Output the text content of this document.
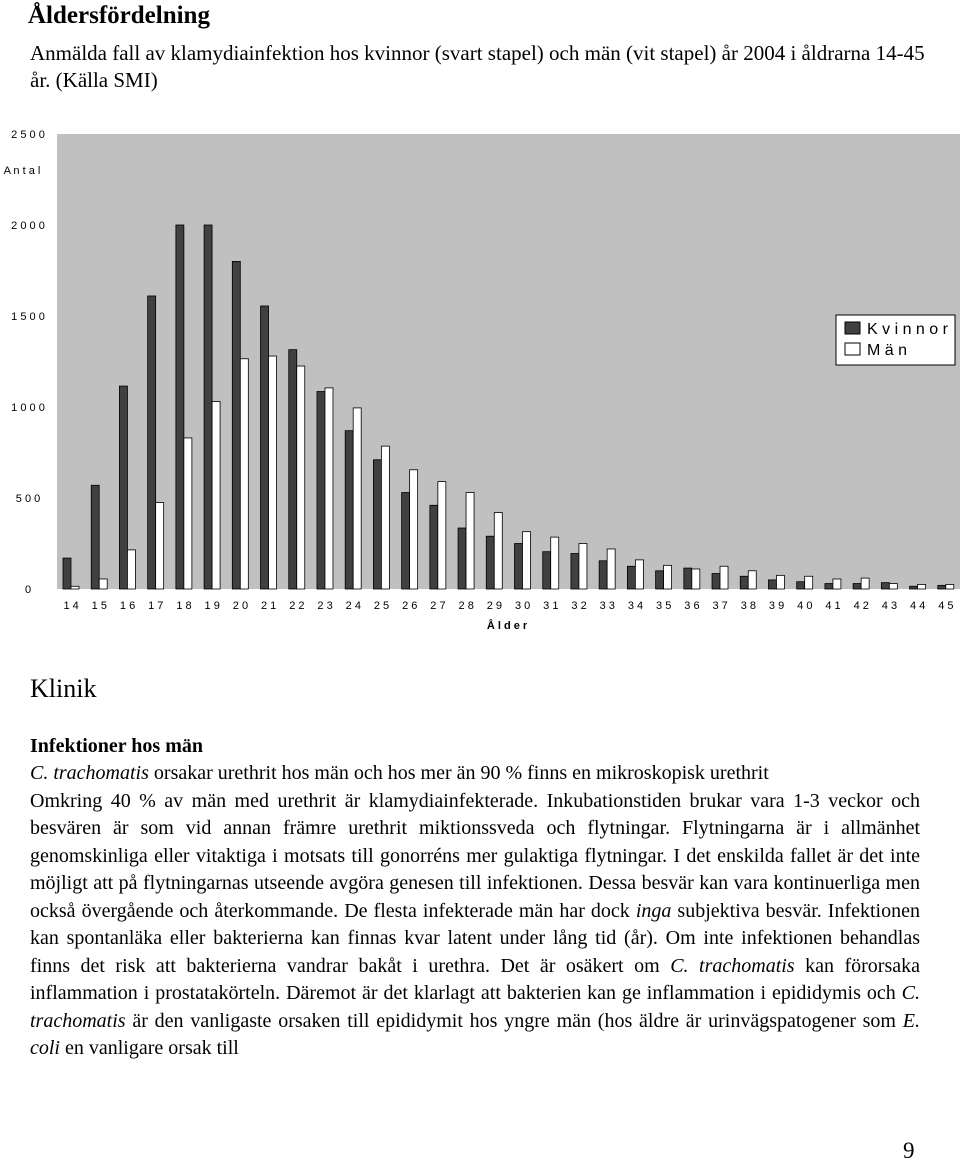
Åldersfördelning
Anmälda fall av klamydiainfektion hos kvinnor (svart stapel) och män (vit stapel) år 2004 i åldrarna 14-45 år. (Källa SMI)
0
5 0 0
1 0 0 0
1 5 0 0
2 0 0 0
2 5 0 0
1 4 1 5 1 6 1 7 1 8 1 9 2 0 2 1 2 2 2 3 2 4 2 5 2 6 2 7 2 8 2 9 3 0 3 1 3 2 3 3 3 4 3 5 3 6 3 7 3 8 3 9 4 0 4 1 4 2 4 3 4 4 4 5
Å l d e r
A n t a l
K v i n n o r
M ä n
Klinik
Infektioner hos män

C. trachomatis orsakar urethrit hos män och hos mer än 90 % finns en mikroskopisk urethrit

Omkring 40 % av män med urethrit är klamydiainfekterade. Inkubationstiden brukar vara 1-3 veckor och besvären är som vid annan främre urethrit miktionssveda och flytningar. Flytningarna är i allmänhet genomskinliga eller vitaktiga i motsats till gonorréns mer gulaktiga flytningar. I det enskilda fallet är det inte möjligt att på flytningarnas utseende avgöra genesen till infektionen. Dessa besvär kan vara kontinuerliga men också övergående och återkommande. De flesta infekterade män har dock inga subjektiva besvär. Infektionen kan spontanläka eller bakterierna kan finnas kvar latent under lång tid (år). Om inte infektionen behandlas finns det risk att bakterierna vandrar bakåt i urethra. Det är osäkert om C. trachomatis kan förorsaka inflammation i prostatakörteln. Däremot är det klarlagt att bakterien kan ge inflammation i epididymis och C. trachomatis är den vanligaste orsaken till epididymit hos yngre män (hos äldre är urinvägspatogener som E. coli en vanligare orsak till

9
